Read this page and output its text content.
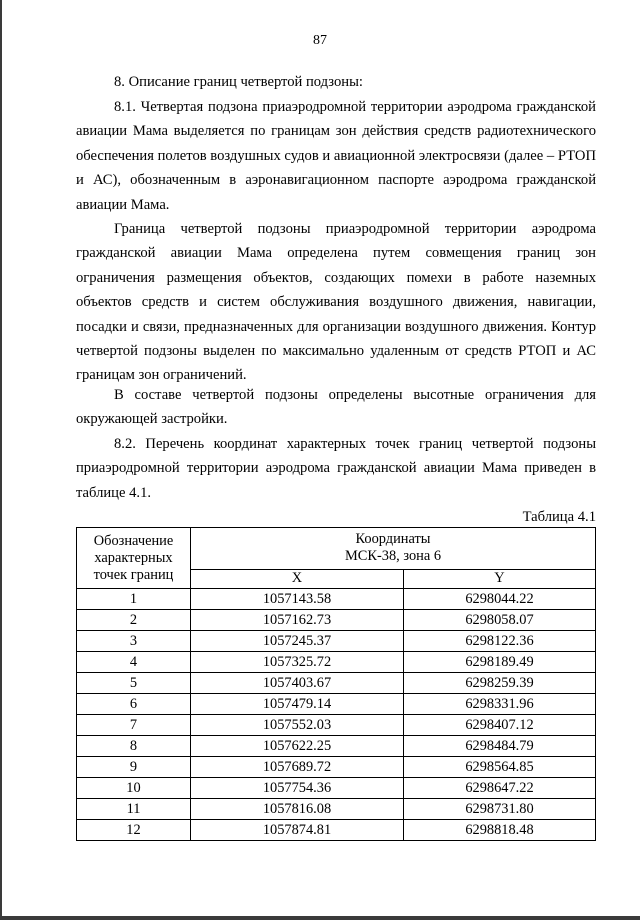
87

8. Описание границ четвертой подзоны:

8.1. Четвертая подзона приаэродромной территории аэродрома гражданской авиации Мама выделяется по границам зон действия средств радиотехнического обеспечения полетов воздушных судов и авиационной электросвязи (далее – РТОП и АС), обозначенным в аэронавигационном паспорте аэродрома гражданской авиации Мама.

Граница четвертой подзоны приаэродромной территории аэродрома гражданской авиации Мама определена путем совмещения границ зон ограничения размещения объектов, создающих помехи в работе наземных объектов средств и систем обслуживания воздушного движения, навигации, посадки и связи, предназначенных для организации воздушного движения. Контур четвертой подзоны выделен по максимально удаленным от средств РТОП и АС границам зон ограничений.

В составе четвертой подзоны определены высотные ограничения для окружающей застройки.

8.2. Перечень координат характерных точек границ четвертой подзоны приаэродромной территории аэродрома гражданской авиации Мама приведен в таблице 4.1.

Таблица 4.1
Обозначение
характерных
точек границ	Координаты
МСК-38, зона 6	

	X	Y
1	1057143.58	6298044.22
2	1057162.73	6298058.07
3	1057245.37	6298122.36
4	1057325.72	6298189.49
5	1057403.67	6298259.39
6	1057479.14	6298331.96
7	1057552.03	6298407.12
8	1057622.25	6298484.79
9	1057689.72	6298564.85
10	1057754.36	6298647.22
11	1057816.08	6298731.80
12	1057874.81	6298818.48
